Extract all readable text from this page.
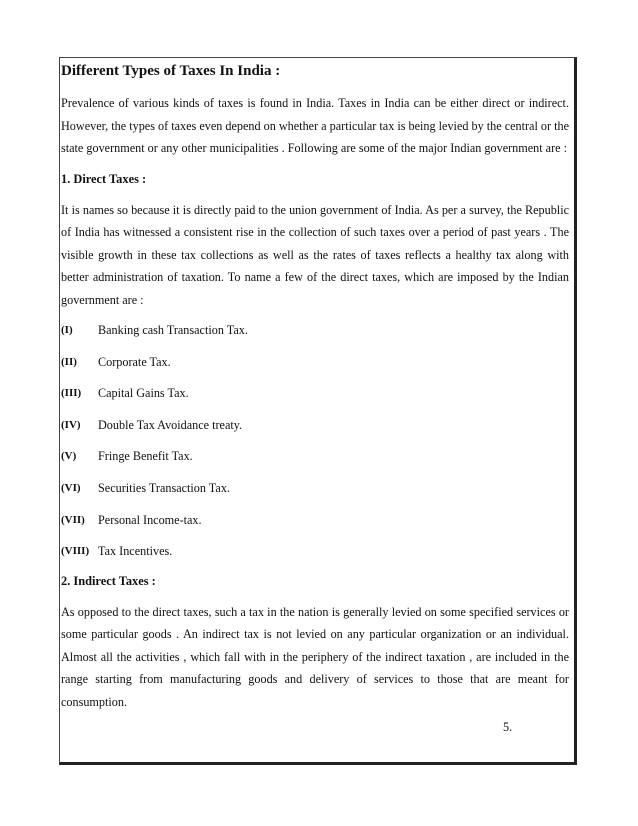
Different Types of Taxes In India :

Prevalence of various kinds of taxes is found in India. Taxes in India can be either direct or indirect. However, the types of taxes even depend on whether a particular tax is being levied by the central or the state government or any other municipalities . Following are some of the major Indian government are :

1. Direct Taxes :

It is names so because it is directly paid to the union government of India. As per a survey, the Republic of India has witnessed a consistent rise in the collection of such taxes over a period of past years . The visible growth in these tax collections as well as the rates of taxes reflects a healthy tax along with better administration of taxation. To name a few of the direct taxes, which are imposed by the Indian government are :

(I)	Banking cash Transaction Tax.
(II)	Corporate Tax.
(III)	Capital Gains Tax.
(IV)	Double Tax Avoidance treaty.
(V)	Fringe Benefit Tax.
(VI)	Securities Transaction Tax.
(VII)	Personal Income-tax.
(VIII) Tax Incentives.
2. Indirect Taxes :

As opposed to the direct taxes, such a tax in the nation is generally levied on some specified services or some particular goods . An indirect tax is not levied on any particular organization or an individual. Almost all the activities , which fall with in the periphery of the indirect taxation , are included in the range starting from manufacturing goods and delivery of services to those that are meant for consumption.

5.
